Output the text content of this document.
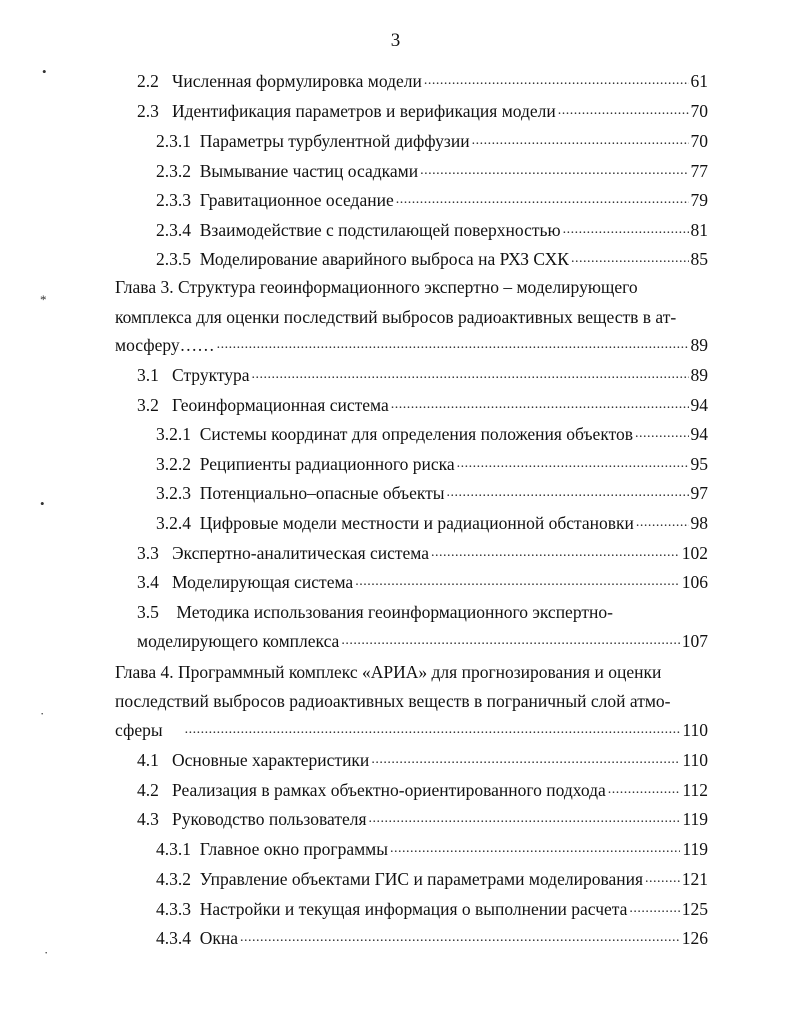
3
•
*
•
·
·
2.2
Численная формулировка модели .....	61
2.3
Идентификация параметров и верификация модели .....	70
2.3.1
Параметры турбулентной диффузии .....	70
2.3.2
Вымывание частиц осадками .....	77
2.3.3
Гравитационное оседание .....	79
2.3.4
Взаимодействие с подстилающей поверхностью .....	81
2.3.5
Моделирование аварийного выброса на РХЗ СХК .....	85
Глава 3. Структура геоинформационного экспертно – моделирующего
комплекса для оценки последствий выбросов радиоактивных веществ в ат-
мосферу…… .....	89
3.1
Структура .....	89
3.2
Геоинформационная система .....	94
3.2.1
Системы координат для определения положения объектов .....	94
3.2.2
Реципиенты радиационного риска .....	95
3.2.3
Потенциально–опасные объекты .....	97
3.2.4
Цифровые модели местности и радиационной обстановки .....	98
3.3
Экспертно-аналитическая система .....	102
3.4
Моделирующая система .....	106
3.5 Методика использования геоинформационного экспертно-
моделирующего комплекса .....	107
Глава 4. Программный комплекс «АРИА» для прогнозирования и оценки
последствий выбросов радиоактивных веществ в пограничный слой атмо-
сферы .....	110
4.1
Основные характеристики .....	110
4.2
Реализация в рамках объектно-ориентированного подхода .....	112
4.3
Руководство пользователя .....	119
4.3.1
Главное окно программы .....	119
4.3.2
Управление объектами ГИС и параметрами моделирования ..... 121
4.3.3
Настройки и текущая информация о выполнении расчета .....	125
4.3.4
Окна .....	126
